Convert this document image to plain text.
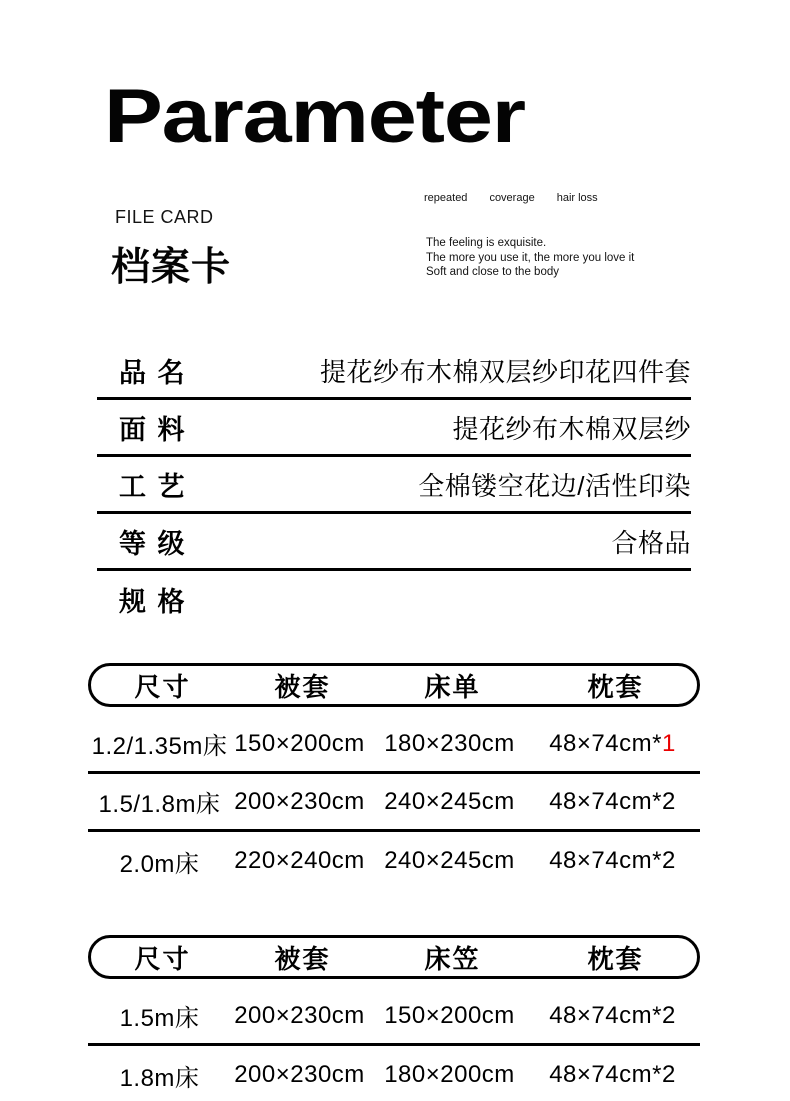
Parameter
FILE CARD
档案卡
repeated coverage hair loss
The feeling is exquisite.
The more you use it, the more you love it
Soft and close to the body
品 名	提花纱布木棉双层纱印花四件套
面 料	提花纱布木棉双层纱
工 艺	全棉镂空花边/活性印染
等 级	合格品
规 格
尺寸	被套	床单	枕套
1.2/1.35m床 150×200cm 180×230cm	48×74cm*1
1.5/1.8m床 200×230cm 240×245cm	48×74cm*2
2.0m床	220×240cm 240×245cm	48×74cm*2
尺寸	被套	床笠	枕套
1.5m床	200×230cm 150×200cm	48×74cm*2
1.8m床	200×230cm 180×200cm	48×74cm*2
